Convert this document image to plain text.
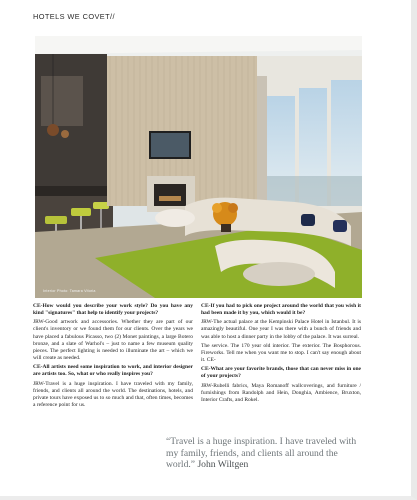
HOTELS WE COVET//
Interior Photo: Tamara Vitoria

CE-How would you describe your work style? Do you have any kind "signatures" that help to identify your projects?

JRW-Good artwork and accessories. Whether they are part of our client's inventory or we found them for our clients. Over the years we have placed a fabulous Picasso, two (2) Monet paintings, a large Botero bronze, and a slate of Warhol's – just to name a few museum quality pieces. The perfect lighting is needed to illuminate the art – which we will create as needed.

CE-All artists need some inspiration to work, and interior designer are artists too. So, what or who really inspires you?

JRW-Travel is a huge inspiration. I have traveled with my family, friends, and clients all around the world. The destinations, hotels, and private tours have exposed us to so much and that, often times, becomes a reference point for us.

CE-If you had to pick one project around the world that you wish it had been made it by you, which would it be?

JRW-The actual palace at the Kempinski Palace Hotel in Istanbul. It is amazingly beautiful. One year I was there with a bunch of friends and was able to host a dinner party in the lobby of the palace. It was surreal.

The service. The 170 year old interior. The exterior. The Bosphorous. Fireworks. Tell me when you want me to stop. I can't say enough about it. CE-

CE-What are your favorite brands, those that can never miss in one of your projects?

JRW-Rubelli fabrics, Maya Romanoff wallcoverings, and furniture / furnishings from Randolph and Hein, Donghia, Ambience, Bruxton, Interior Crafts, and Rokel.

“Travel is a huge inspiration. I have traveled with my family, friends, and clients all around the world.” John Wiltgen
